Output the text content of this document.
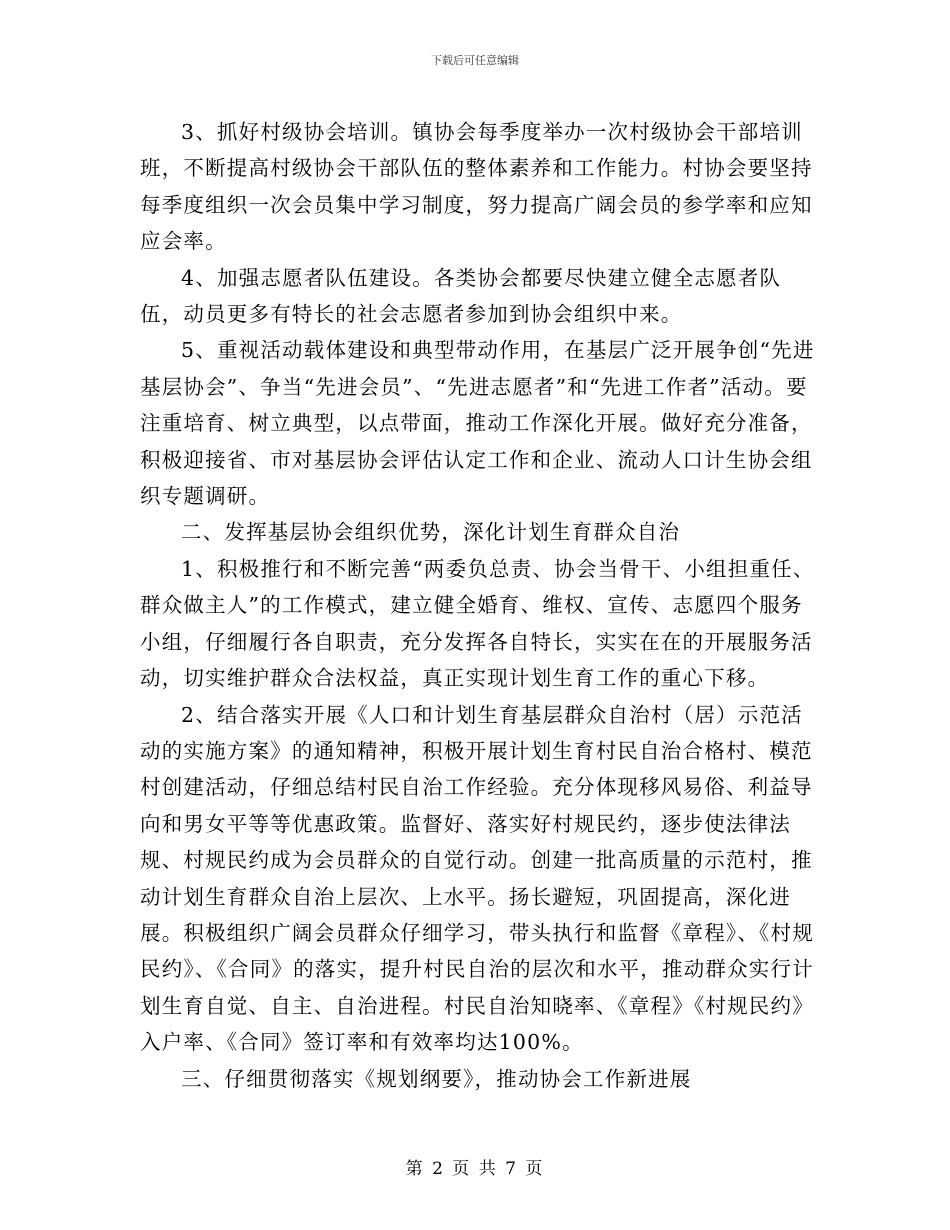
下载后可任意编辑

3、抓好村级协会培训。镇协会每季度举办一次村级协会干部培训班，不断提高村级协会干部队伍的整体素养和工作能力。村协会要坚持每季度组织一次会员集中学习制度，努力提高广阔会员的参学率和应知应会率。

4、加强志愿者队伍建设。各类协会都要尽快建立健全志愿者队伍，动员更多有特长的社会志愿者参加到协会组织中来。

5、重视活动载体建设和典型带动作用，在基层广泛开展争创“先进基层协会”、争当“先进会员”、“先进志愿者”和“先进工作者”活动。要注重培育、树立典型，以点带面，推动工作深化开展。做好充分准备，积极迎接省、市对基层协会评估认定工作和企业、流动人口计生协会组织专题调研。

二、发挥基层协会组织优势，深化计划生育群众自治

1、积极推行和不断完善“两委负总责、协会当骨干、小组担重任、群众做主人”的工作模式，建立健全婚育、维权、宣传、志愿四个服务小组，仔细履行各自职责，充分发挥各自特长，实实在在的开展服务活动，切实维护群众合法权益，真正实现计划生育工作的重心下移。

2、结合落实开展《人口和计划生育基层群众自治村（居）示范活动的实施方案》的通知精神，积极开展计划生育村民自治合格村、模范村创建活动，仔细总结村民自治工作经验。充分体现移风易俗、利益导向和男女平等等优惠政策。监督好、落实好村规民约，逐步使法律法规、村规民约成为会员群众的自觉行动。创建一批高质量的示范村，推动计划生育群众自治上层次、上水平。扬长避短，巩固提高，深化进展。积极组织广阔会员群众仔细学习，带头执行和监督《章程》、《村规民约》、《合同》的落实，提升村民自治的层次和水平，推动群众实行计划生育自觉、自主、自治进程。村民自治知晓率、《章程》《村规民约》入户率、《合同》签订率和有效率均达100%。

三、仔细贯彻落实《规划纲要》，推动协会工作新进展

第 2 页 共 7 页
